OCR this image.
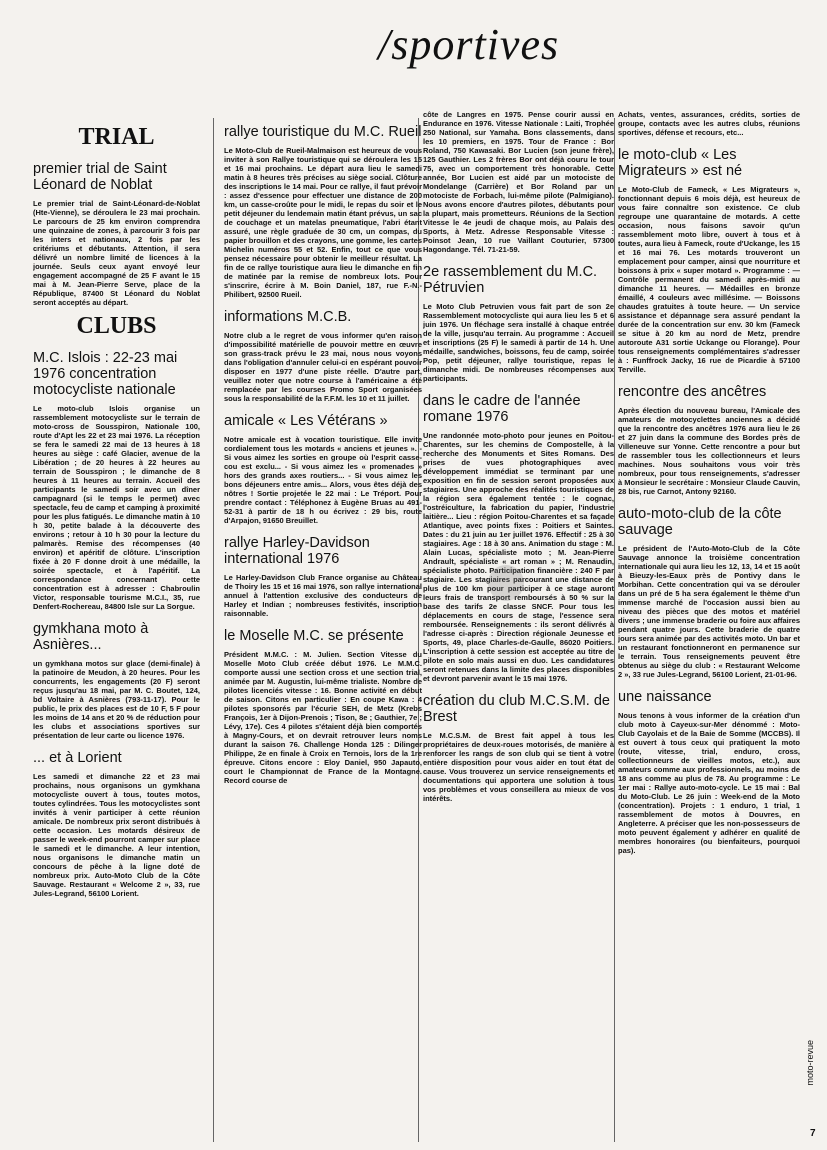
/sportives
TRIAL
premier trial de Saint Léonard de Noblat

Le premier trial de Saint-Léonard-de-Noblat (Hte-Vienne), se déroulera le 23 mai prochain. Le parcours de 25 km environ comprendra une quinzaine de zones, à parcourir 3 fois par les inters et nationaux, 2 fois par les critériums et débutants. Attention, il sera délivré un nombre limité de licences à la journée. Seuls ceux ayant envoyé leur engagement accompagné de 25 F avant le 15 mai à M. Jean-Pierre Serve, place de la République, 87400 St Léonard du Noblat seront acceptés au départ.

CLUBS
M.C. Islois : 22-23 mai 1976 concentration motocycliste nationale

Le moto-club Islois organise un rassemblement motocycliste sur le terrain de moto-cross de Sousspiron, Nationale 100, route d'Apt les 22 et 23 mai 1976. La réception se fera le samedi 22 mai de 13 heures à 18 heures au siège : café Glacier, avenue de la Libération ; de 20 heures à 22 heures au terrain de Sousspiron ; le dimanche de 8 heures à 11 heures au terrain. Accueil des participants le samedi soir avec un dîner campagnard (si le temps le permet) avec spectacle, feu de camp et camping à proximité pour les plus fatigués. Le dimanche matin à 10 h 30, petite balade à la découverte des environs ; retour à 10 h 30 pour la lecture du palmarès. Remise des récompenses (40 environ) et apéritif de clôture. L'inscription fixée à 20 F donne droit à une médaille, la soirée spectacle, et à l'apéritif. La correspondance concernant cette concentration est à adresser : Chabroulin Victor, responsable tourisme M.C.I., 35, rue Denfert-Rochereau, 84800 Isle sur La Sorgue.

gymkhana moto à Asnières...

un gymkhana motos sur glace (demi-finale) à la patinoire de Meudon, à 20 heures. Pour les concurrents, les engagements (20 F) seront reçus jusqu'au 18 mai, par M. C. Boutet, 124, bd Voltaire à Asnières (793-11-17). Pour le public, le prix des places est de 10 F, 5 F pour les moins de 14 ans et 20 % de réduction pour les clubs et associations sportives sur présentation de leur carte ou licence 1976.

... et à Lorient

Les samedi et dimanche 22 et 23 mai prochains, nous organisons un gymkhana motocycliste ouvert à tous, toutes motos, toutes cylindrées. Tous les motocyclistes sont invités à venir participer à cette réunion amicale. De nombreux prix seront distribués à cette occasion. Les motards désireux de passer le week-end pourront camper sur place le samedi et le dimanche. A leur intention, nous organisons le dimanche matin un concours de pêche à la ligne doté de nombreux prix. Auto-Moto Club de la Côte Sauvage. Restaurant « Welcome 2 », 33, rue Jules-Legrand, 56100 Lorient.

rallye touristique du M.C. Rueil

Le Moto-Club de Rueil-Malmaison est heureux de vous inviter à son Rallye touristique qui se déroulera les 15 et 16 mai prochains. Le départ aura lieu le samedi matin à 8 heures très précises au siège social. Clôture des inscriptions le 14 mai. Pour ce rallye, il faut prévoir : assez d'essence pour effectuer une distance de 200 km, un casse-croûte pour le midi, le repas du soir et le petit déjeuner du lendemain matin étant prévus, un sac de couchage et un matelas pneumatique, l'abri étant assuré, une règle graduée de 30 cm, un compas, du papier brouillon et des crayons, une gomme, les cartes Michelin numéros 55 et 52. Enfin, tout ce que vous pensez nécessaire pour obtenir le meilleur résultat. La fin de ce rallye touristique aura lieu le dimanche en fin de matinée par la remise de nombreux lots. Pour s'inscrire, écrire à M. Boin Daniel, 187, rue F.-N.-Philibert, 92500 Rueil.

informations M.C.B.

Notre club a le regret de vous informer qu'en raison d'impossibilité matérielle de pouvoir mettre en œuvre son grass-track prévu le 23 mai, nous nous voyons dans l'obligation d'annuler celui-ci en espérant pouvoir disposer en 1977 d'une piste réelle. D'autre part, veuillez noter que notre course à l'américaine a été remplacée par les courses Promo Sport organisées sous la responsabilité de la F.F.M. les 10 et 11 juillet.

amicale « Les Vétérans »

Notre amicale est à vocation touristique. Elle invite cordialement tous les motards « anciens et jeunes ». - Si vous aimez les sorties en groupe où l'esprit casse-cou est exclu... - Si vous aimez les « promenades » hors des grands axes routiers... - Si vous aimez les bons déjeuners entre amis... Alors, vous êtes déjà des nôtres ! Sortie projetée le 22 mai : Le Tréport. Pour prendre contact : Téléphonez à Eugène Bruas au 491-52-31 à partir de 18 h ou écrivez : 29 bis, route d'Arpajon, 91650 Breuillet.

rallye Harley-Davidson international 1976

Le Harley-Davidson Club France organise au Château de Thoiry les 15 et 16 mai 1976, son rallye international annuel à l'attention exclusive des conducteurs de Harley et Indian ; nombreuses festivités, inscription raisonnable.

le Moselle M.C. se présente

Président M.M.C. : M. Julien. Section Vitesse du Moselle Moto Club créée début 1976. Le M.M.C. comporte aussi une section cross et une section trial, animée par M. Augustin, lui-même trialiste. Nombre de pilotes licenciés vitesse : 16. Bonne activité en début de saison. Citons en particulier : En coupe Kawa : 4 pilotes sponsorés par l'écurie SEH, de Metz (Krebs François, 1er à Dijon-Prenois ; Tison, 8e ; Gauthier, 7e ; Lévy, 17e). Ces 4 pilotes s'étaient déjà bien comportés à Magny-Cours, et on devrait retrouver leurs noms durant la saison 76. Challenge Honda 125 : Dilinger Philippe, 2e en finale à Croix en Ternois, lors de la 1re épreuve. Citons encore : Eloy Daniel, 950 Japauto, court le Championnat de France de la Montagne. Record course de

côte de Langres en 1975. Pense courir aussi en Endurance en 1976. Vitesse Nationale : Laiti, Trophée 250 National, sur Yamaha. Bons classements, dans les 10 premiers, en 1975. Tour de France : Bor Roland, 750 Kawasaki. Bor Lucien (son jeune frère), 125 Gauthier. Les 2 frères Bor ont déjà couru le tour 75, avec un comportement très honorable. Cette année, Bor Lucien est aidé par un motociste de Mondelange (Carrière) et Bor Roland par un motociste de Forbach, lui-même pilote (Palmigiano). Nous avons encore d'autres pilotes, débutants pour la plupart, mais prometteurs. Réunions de la Section Vitesse le 4e jeudi de chaque mois, au Palais des Sports, à Metz. Adresse Responsable Vitesse : Poinsot Jean, 10 rue Vaillant Couturier, 57300 Hagondange. Tél. 71-21-59.

2e rassemblement du M.C. Pétruvien

Le Moto Club Petruvien vous fait part de son 2e Rassemblement motocycliste qui aura lieu les 5 et 6 juin 1976. Un fléchage sera installé à chaque entrée de la ville, jusqu'au terrain. Au programme : Accueil et inscriptions (25 F) le samedi à partir de 14 h. Une médaille, sandwiches, boissons, feu de camp, soirée Pop, petit déjeuner, rallye touristique, repas le dimanche midi. De nombreuses récompenses aux participants.

dans le cadre de l'année romane 1976

Une randonnée moto-photo pour jeunes en Poitou-Charentes, sur les chemins de Compostelle, à la recherche des Monuments et Sites Romans. Des prises de vues photographiques avec développement immédiat se terminant par une exposition en fin de session seront proposées aux stagiaires. Une approche des réalités touristiques de la région sera également tentée : le cognac, l'ostréiculture, la fabrication du papier, l'industrie laitière... Lieu : région Poitou-Charentes et sa façade Atlantique, avec points fixes : Poitiers et Saintes. Dates : du 21 juin au 1er juillet 1976. Effectif : 25 à 30 stagiaires. Age : 18 à 30 ans. Animation du stage : M. Alain Lucas, spécialiste moto ; M. Jean-Pierre Andrault, spécialiste « art roman » ; M. Renaudin, spécialiste photo. Participation financière : 240 F par stagiaire. Les stagiaires parcourant une distance de plus de 100 km pour participer à ce stage auront leurs frais de transport remboursés à 50 % sur la base des tarifs 2e classe SNCF. Pour tous les déplacements en cours de stage, l'essence sera remboursée. Renseignements : ils seront délivrés à l'adresse ci-après : Direction régionale Jeunesse et Sports, 49, place Charles-de-Gaulle, 86020 Poitiers. L'inscription à cette session est acceptée au titre de pilote en solo mais aussi en duo. Les candidatures seront retenues dans la limite des places disponibles et devront parvenir avant le 15 mai 1976.

création du club M.C.S.M. de Brest

Le M.C.S.M. de Brest fait appel à tous les propriétaires de deux-roues motorisés, de manière à renforcer les rangs de son club qui se tient à votre entière disposition pour vous aider en tout état de cause. Vous trouverez un service renseignements et documentations qui apportera une solution à tous vos problèmes et vous conseillera au mieux de vos intérêts.

Achats, ventes, assurances, crédits, sorties de groupe, contacts avec les autres clubs, réunions sportives, défense et recours, etc...

le moto-club « Les Migrateurs » est né

Le Moto-Club de Fameck, « Les Migrateurs », fonctionnant depuis 6 mois déjà, est heureux de vous faire connaître son existence. Ce club regroupe une quarantaine de motards. A cette occasion, nous faisons savoir qu'un rassemblement moto libre, ouvert à tous et à toutes, aura lieu à Fameck, route d'Uckange, les 15 et 16 mai 76. Les motards trouveront un emplacement pour camper, ainsi que nourriture et boissons à prix « super motard ». Programme : — Contrôle permanent du samedi après-midi au dimanche 11 heures. — Médailles en bronze émaillé, 4 couleurs avec millésime. — Boissons chaudes gratuites à toute heure. — Un service assistance et dépannage sera assuré pendant la durée de la concentration sur env. 30 km (Fameck se situe à 20 km au nord de Metz, prendre autoroute A31 sortie Uckange ou Florange). Pour tous renseignements complémentaires s'adresser à : Funffrock Jacky, 16 rue de Picardie à 57100 Terville.

rencontre des ancêtres

Après élection du nouveau bureau, l'Amicale des amateurs de motocyclettes anciennes a décidé que la rencontre des ancêtres 1976 aura lieu le 26 et 27 juin dans la commune des Bordes près de Villeneuve sur Yonne. Cette rencontre a pour but de rassembler tous les collectionneurs et leurs machines. Nous souhaitons vous voir très nombreux, pour tous renseignements, s'adresser à Monsieur le secrétaire : Monsieur Claude Cauvin, 28 bis, rue Carnot, Antony 92160.

auto-moto-club de la côte sauvage

Le président de l'Auto-Moto-Club de la Côte Sauvage annonce la troisième concentration internationale qui aura lieu les 12, 13, 14 et 15 août à Bieuzy-les-Eaux près de Pontivy dans le Morbihan. Cette concentration qui va se dérouler dans un pré de 5 ha sera également le thème d'un immense marché de l'occasion aussi bien au niveau des pièces que des motos et matériel divers ; une immense braderie ou foire aux affaires pendant quatre jours. Cette braderie de quatre jours sera animée par des activités moto. Un bar et un restaurant fonctionneront en permanence sur le terrain. Tous renseignements peuvent être obtenus au siège du club : « Restaurant Welcome 2 », 33 rue Jules-Legrand, 56100 Lorient, 21-01-96.

une naissance

Nous tenons à vous informer de la création d'un club moto à Cayeux-sur-Mer dénommé : Moto-Club Cayolais et de la Baie de Somme (MCCBS). Il est ouvert à tous ceux qui pratiquent la moto (route, vitesse, trial, enduro, cross, collectionneurs de vieilles motos, etc.), aux amateurs comme aux professionnels, au moins de 18 ans comme au plus de 78. Au programme : Le 1er mai : Rallye auto-moto-cycle. Le 15 mai : Bal du Moto-Club. Le 26 juin : Week-end de la Moto (concentration). Projets : 1 enduro, 1 trial, 1 rassemblement de motos à Douvres, en Angleterre. A préciser que les non-possesseurs de moto peuvent également y adhérer en qualité de membres honoraires (ou bienfaiteurs, pourquoi pas).

moto-revue
7
